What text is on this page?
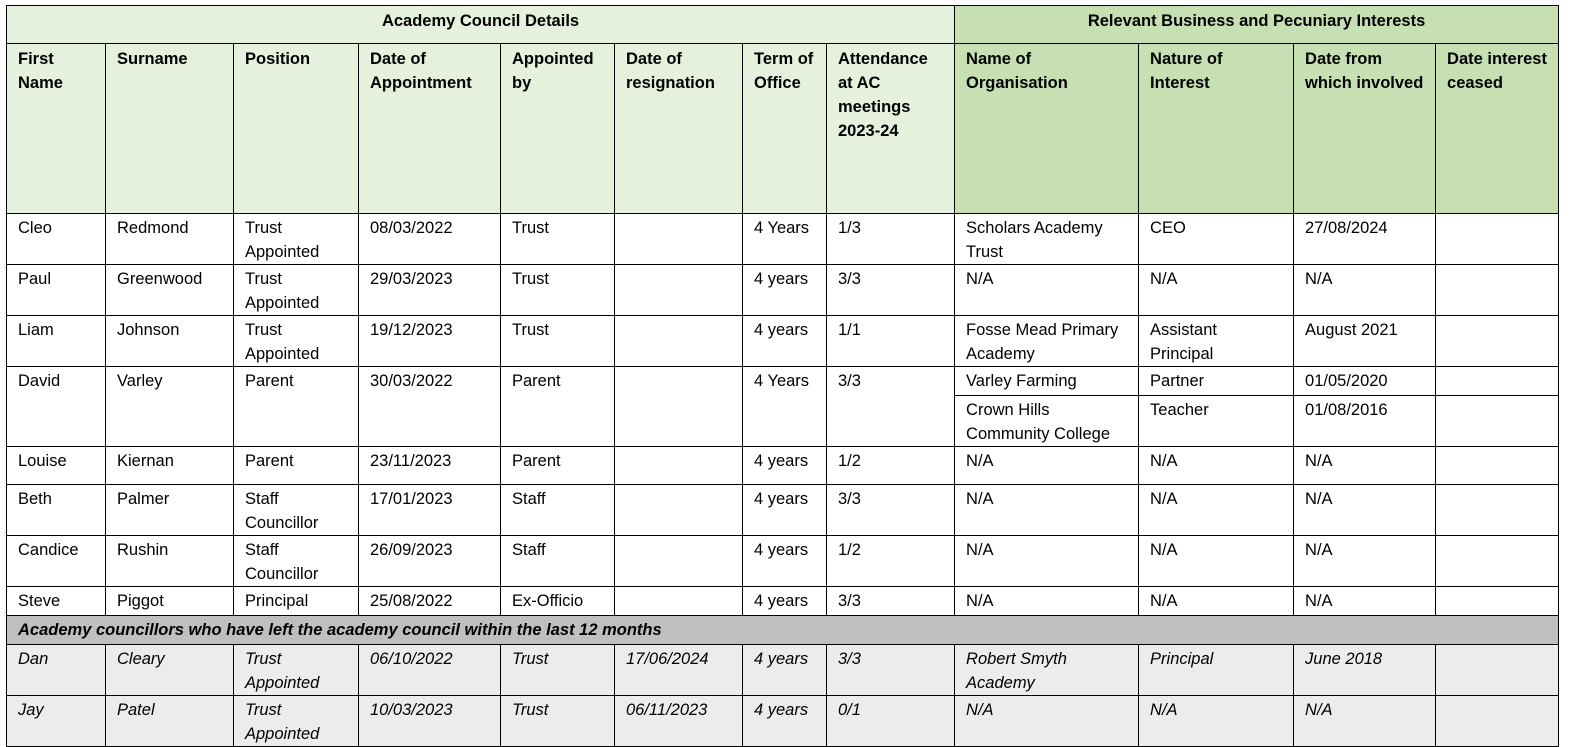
Academy Council Details								Relevant Business and Pecuniary Interests			
First Name	Surname	Position	Date of Appointment	Appointed by	Date of resignation	Term of Office	Attendance at AC meetings 2023-24	Name of Organisation	Nature of Interest	Date from which involved	Date interest ceased
Cleo	Redmond	Trust Appointed	08/03/2022	Trust		4 Years	1/3	Scholars Academy Trust	CEO	27/08/2024	
Paul	Greenwood	Trust Appointed	29/03/2023	Trust		4 years	3/3	N/A	N/A	N/A	
Liam	Johnson	Trust Appointed	19/12/2023	Trust		4 years	1/1	Fosse Mead Primary Academy	Assistant Principal	August 2021	
David	Varley	Parent	30/03/2022	Parent		4 Years	3/3	Varley Farming	Partner	01/05/2020	
								Crown Hills Community College	Teacher	01/08/2016	
Louise	Kiernan	Parent	23/11/2023	Parent		4 years	1/2	N/A	N/A	N/A	
Beth	Palmer	Staff Councillor	17/01/2023	Staff		4 years	3/3	N/A	N/A	N/A	
Candice	Rushin	Staff Councillor	26/09/2023	Staff		4 years	1/2	N/A	N/A	N/A	
Steve	Piggot	Principal	25/08/2022	Ex-Officio		4 years	3/3	N/A	N/A	N/A	
Academy councillors who have left the academy council within the last 12 months											
Dan	Cleary	Trust Appointed	06/10/2022	Trust	17/06/2024	4 years	3/3	Robert Smyth Academy	Principal	June 2018	
Jay	Patel	Trust Appointed	10/03/2023	Trust	06/11/2023	4 years	0/1	N/A	N/A	N/A	
